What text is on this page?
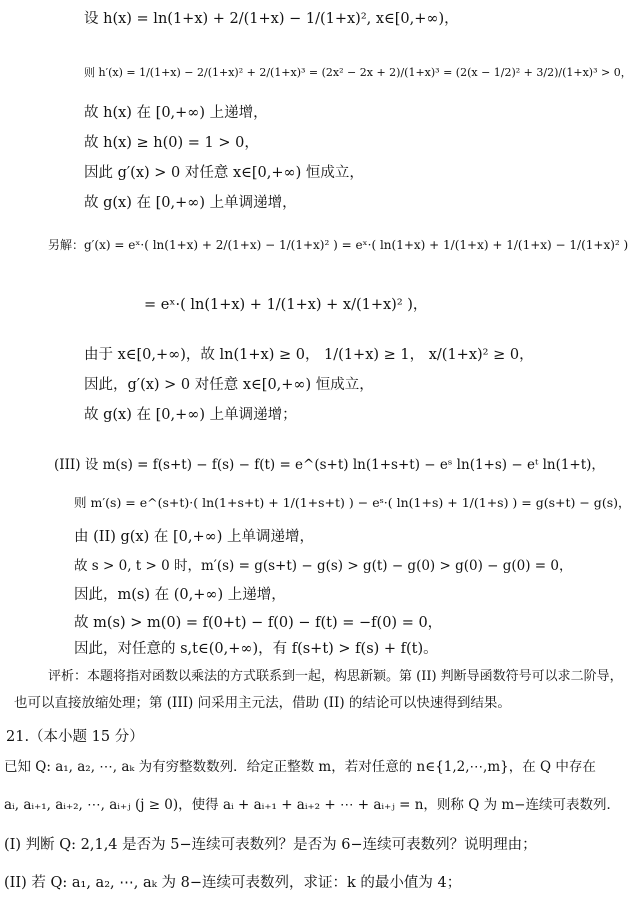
设 h(x) = ln(1+x) + 2/(1+x) − 1/(1+x)², x∈[0,+∞)，
则 h′(x) = 1/(1+x) − 2/(1+x)² + 2/(1+x)³ = (2x² − 2x + 2)/(1+x)³ = (2(x − 1/2)² + 3/2)/(1+x)³ > 0，
故 h(x) 在 [0,+∞) 上递增，
故 h(x) ≥ h(0) = 1 > 0，
因此 g′(x) > 0 对任意 x∈[0,+∞) 恒成立，
故 g(x) 在 [0,+∞) 上单调递增，
另解：g′(x) = eˣ·( ln(1+x) + 2/(1+x) − 1/(1+x)² ) = eˣ·( ln(1+x) + 1/(1+x) + 1/(1+x) − 1/(1+x)² )
= eˣ·( ln(1+x) + 1/(1+x) + x/(1+x)² )，
由于 x∈[0,+∞)，故 ln(1+x) ≥ 0， 1/(1+x) ≥ 1， x/(1+x)² ≥ 0，
因此，g′(x) > 0 对任意 x∈[0,+∞) 恒成立，
故 g(x) 在 [0,+∞) 上单调递增；
(III) 设 m(s) = f(s+t) − f(s) − f(t) = e^(s+t) ln(1+s+t) − eˢ ln(1+s) − eᵗ ln(1+t)，
则 m′(s) = e^(s+t)·( ln(1+s+t) + 1/(1+s+t) ) − eˢ·( ln(1+s) + 1/(1+s) ) = g(s+t) − g(s)，
由 (II) g(x) 在 [0,+∞) 上单调递增，
故 s > 0, t > 0 时，m′(s) = g(s+t) − g(s) > g(t) − g(0) > g(0) − g(0) = 0，
因此，m(s) 在 (0,+∞) 上递增，
故 m(s) > m(0) = f(0+t) − f(0) − f(t) = −f(0) = 0，
因此，对任意的 s,t∈(0,+∞)，有 f(s+t) > f(s) + f(t)。
评析：本题将指对函数以乘法的方式联系到一起，构思新颖。第 (II) 判断导函数符号可以求二阶导，
也可以直接放缩处理；第 (III) 问采用主元法，借助 (II) 的结论可以快速得到结果。
21.（本小题 15 分）
已知 Q: a₁, a₂, ⋯, aₖ 为有穷整数数列．给定正整数 m，若对任意的 n∈{1,2,⋯,m}，在 Q 中存在
aᵢ, aᵢ₊₁, aᵢ₊₂, ⋯, aᵢ₊ⱼ (j ≥ 0)，使得 aᵢ + aᵢ₊₁ + aᵢ₊₂ + ⋯ + aᵢ₊ⱼ = n，则称 Q 为 m−连续可表数列．
(I) 判断 Q: 2,1,4 是否为 5−连续可表数列？是否为 6−连续可表数列？说明理由；
(II) 若 Q: a₁, a₂, ⋯, aₖ 为 8−连续可表数列，求证：k 的最小值为 4；
